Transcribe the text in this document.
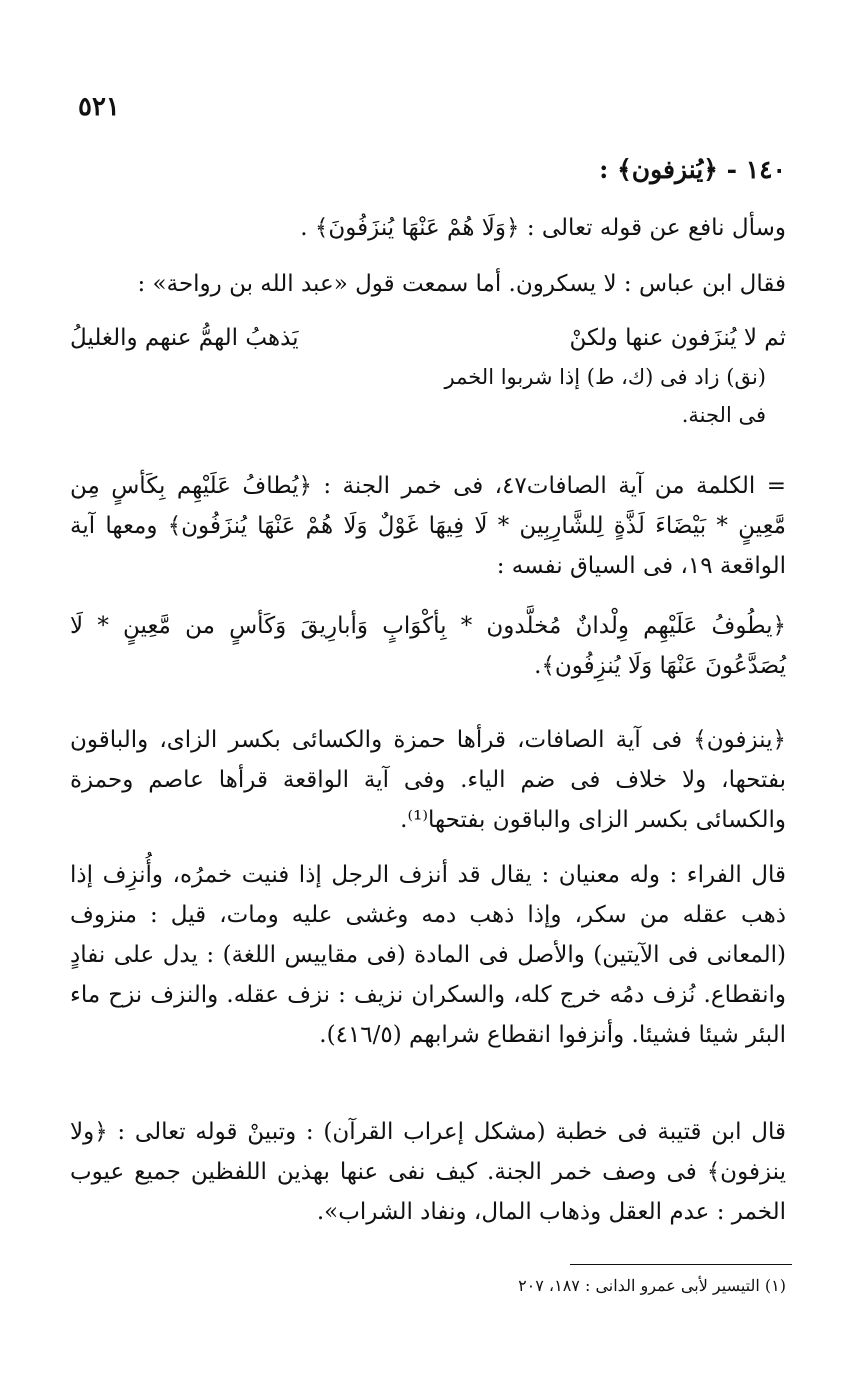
٥٢١
١٤٠ - ﴿يُنزفون﴾ :
وسأل نافع عن قوله تعالى : ﴿وَلَا هُمْ عَنْهَا يُنزَفُونَ﴾ .
فقال ابن عباس : لا يسكرون. أما سمعت قول «عبد الله بن رواحة» :
ثم لا يُنزَفون عنها ولكنْ
يَذهبُ الهمُّ عنهم والغليلُ
(نق) زاد فى (ك، ط) إذا شربوا الخمر
فى الجنة.
= الكلمة من آية الصافات٤٧، فى خمر الجنة : ﴿يُطافُ عَلَيْهِم بِكَأسٍ مِن مَّعِينٍ * بَيْضَاءَ لَذَّةٍ لِلشَّارِبِين * لَا فِيهَا غَوْلٌ وَلَا هُمْ عَنْهَا يُنزَفُون﴾ ومعها آية الواقعة ١٩، فى السياق نفسه :
﴿يطُوفُ عَلَيْهِم وِلْدانٌ مُخلَّدون * بِأكْوَابٍ وَأبارِيقَ وَكَأسٍ من مَّعِينٍ * لَا يُصَدَّعُونَ عَنْهَا وَلَا يُنزِفُون﴾.
﴿ينزفون﴾ فى آية الصافات، قرأها حمزة والكسائى بكسر الزاى، والباقون بفتحها، ولا خلاف فى ضم الياء. وفى آية الواقعة قرأها عاصم وحمزة والكسائى بكسر الزاى والباقون بفتحها⁽¹⁾.
قال الفراء : وله معنيان : يقال قد أنزف الرجل إذا فنيت خمرُه، وأُنزِف إذا ذهب عقله من سكر، وإذا ذهب دمه وغشى عليه ومات، قيل : منزوف (المعانى فى الآيتين) والأصل فى المادة (فى مقاييس اللغة) : يدل على نفادٍ وانقطاع. نُزف دمُه خرج كله، والسكران نزيف : نزف عقله. والنزف نزح ماء البئر شيئا فشيئا. وأنزفوا انقطاع شرابهم (٤١٦/٥).
قال ابن قتيبة فى خطبة (مشكل إعراب القرآن) : وتبينْ قوله تعالى : ﴿ولا ينزفون﴾ فى وصف خمر الجنة. كيف نفى عنها بهذين اللفظين جميع عيوب الخمر : عدم العقل وذهاب المال، ونفاد الشراب».
(١) التيسير لأبى عمرو الدانى : ١٨٧، ٢٠٧
